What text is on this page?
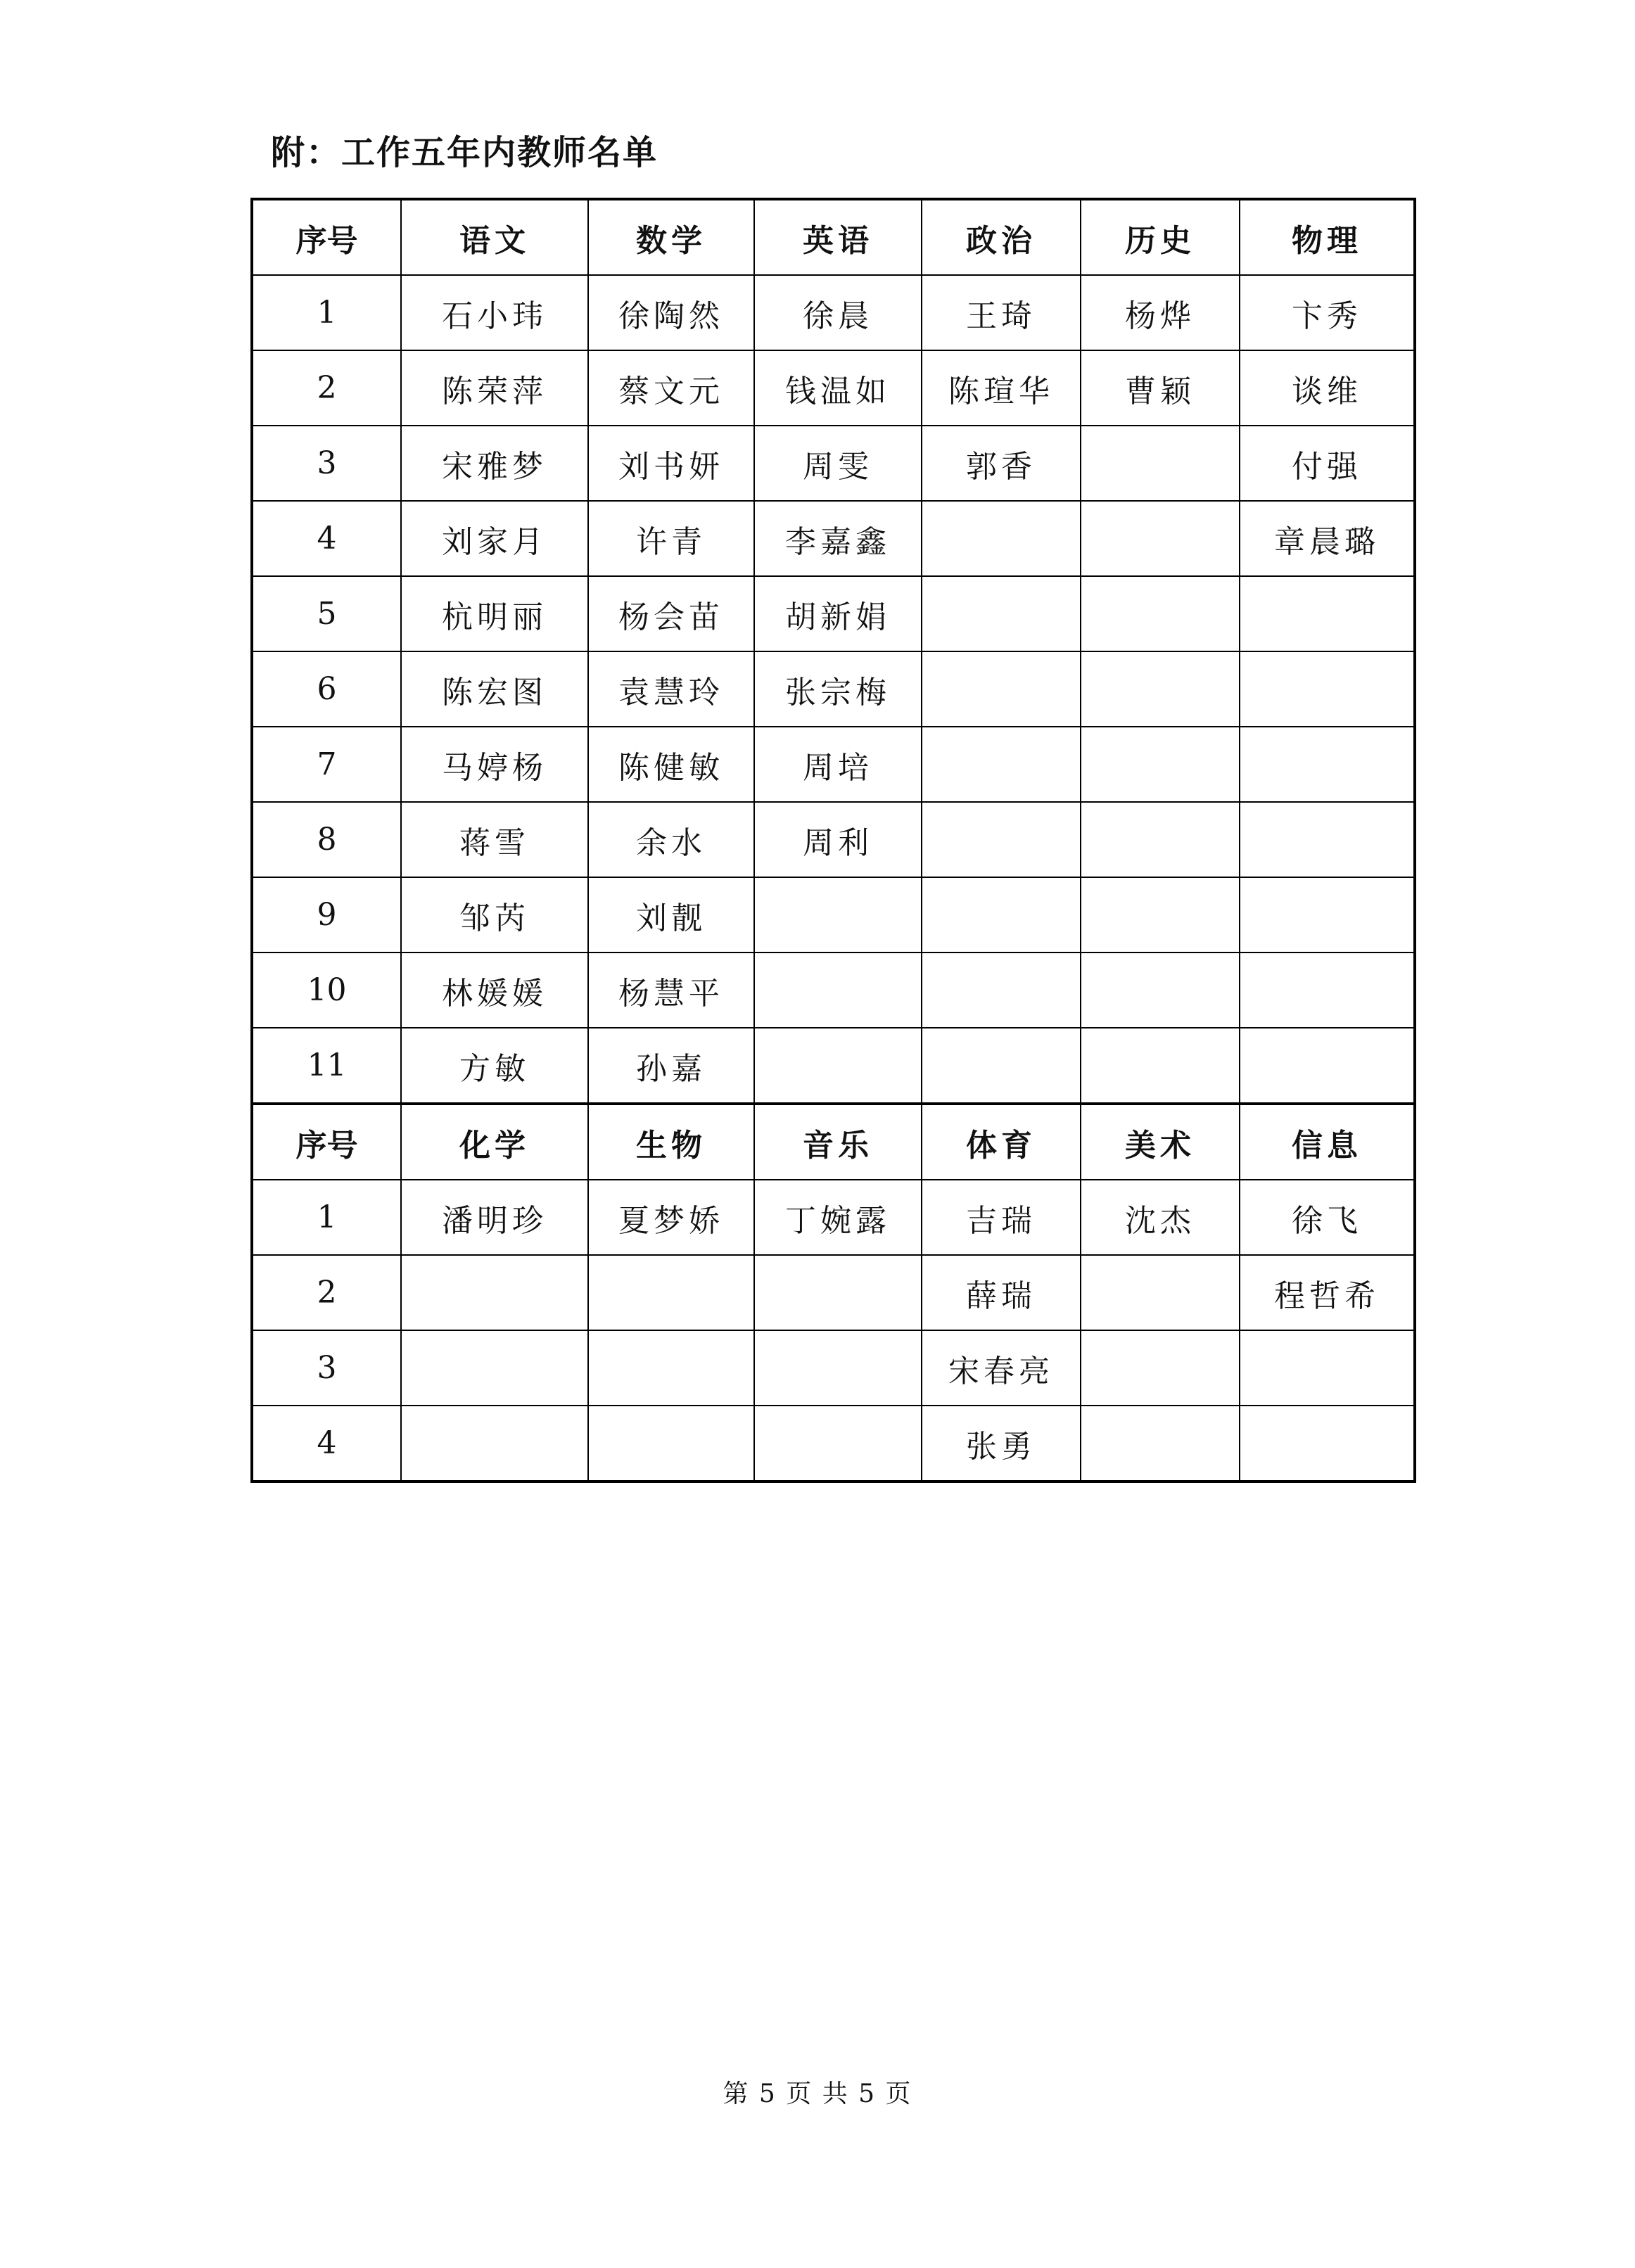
附：工作五年内教师名单
序号	语文	数学	英语	政治	历史	物理
1	石小玮	徐陶然	徐晨	王琦	杨烨	卞秀
2	陈荣萍	蔡文元	钱温如	陈瑄华	曹颖	谈维
3	宋雅梦	刘书妍	周雯	郭香		付强
4	刘家月	许青	李嘉鑫			章晨璐
5	杭明丽	杨会苗	胡新娟			
6	陈宏图	袁慧玲	张宗梅			
7	马婷杨	陈健敏	周培			
8	蒋雪	余水	周利			
9	邹芮	刘靓				
10	林媛媛	杨慧平				
11	方敏	孙嘉				
序号	化学	生物	音乐	体育	美术	信息
1	潘明珍	夏梦娇	丁婉露	吉瑞	沈杰	徐飞
2				薛瑞		程哲希
3				宋春亮		
4				张勇		
第 5 页 共 5 页
